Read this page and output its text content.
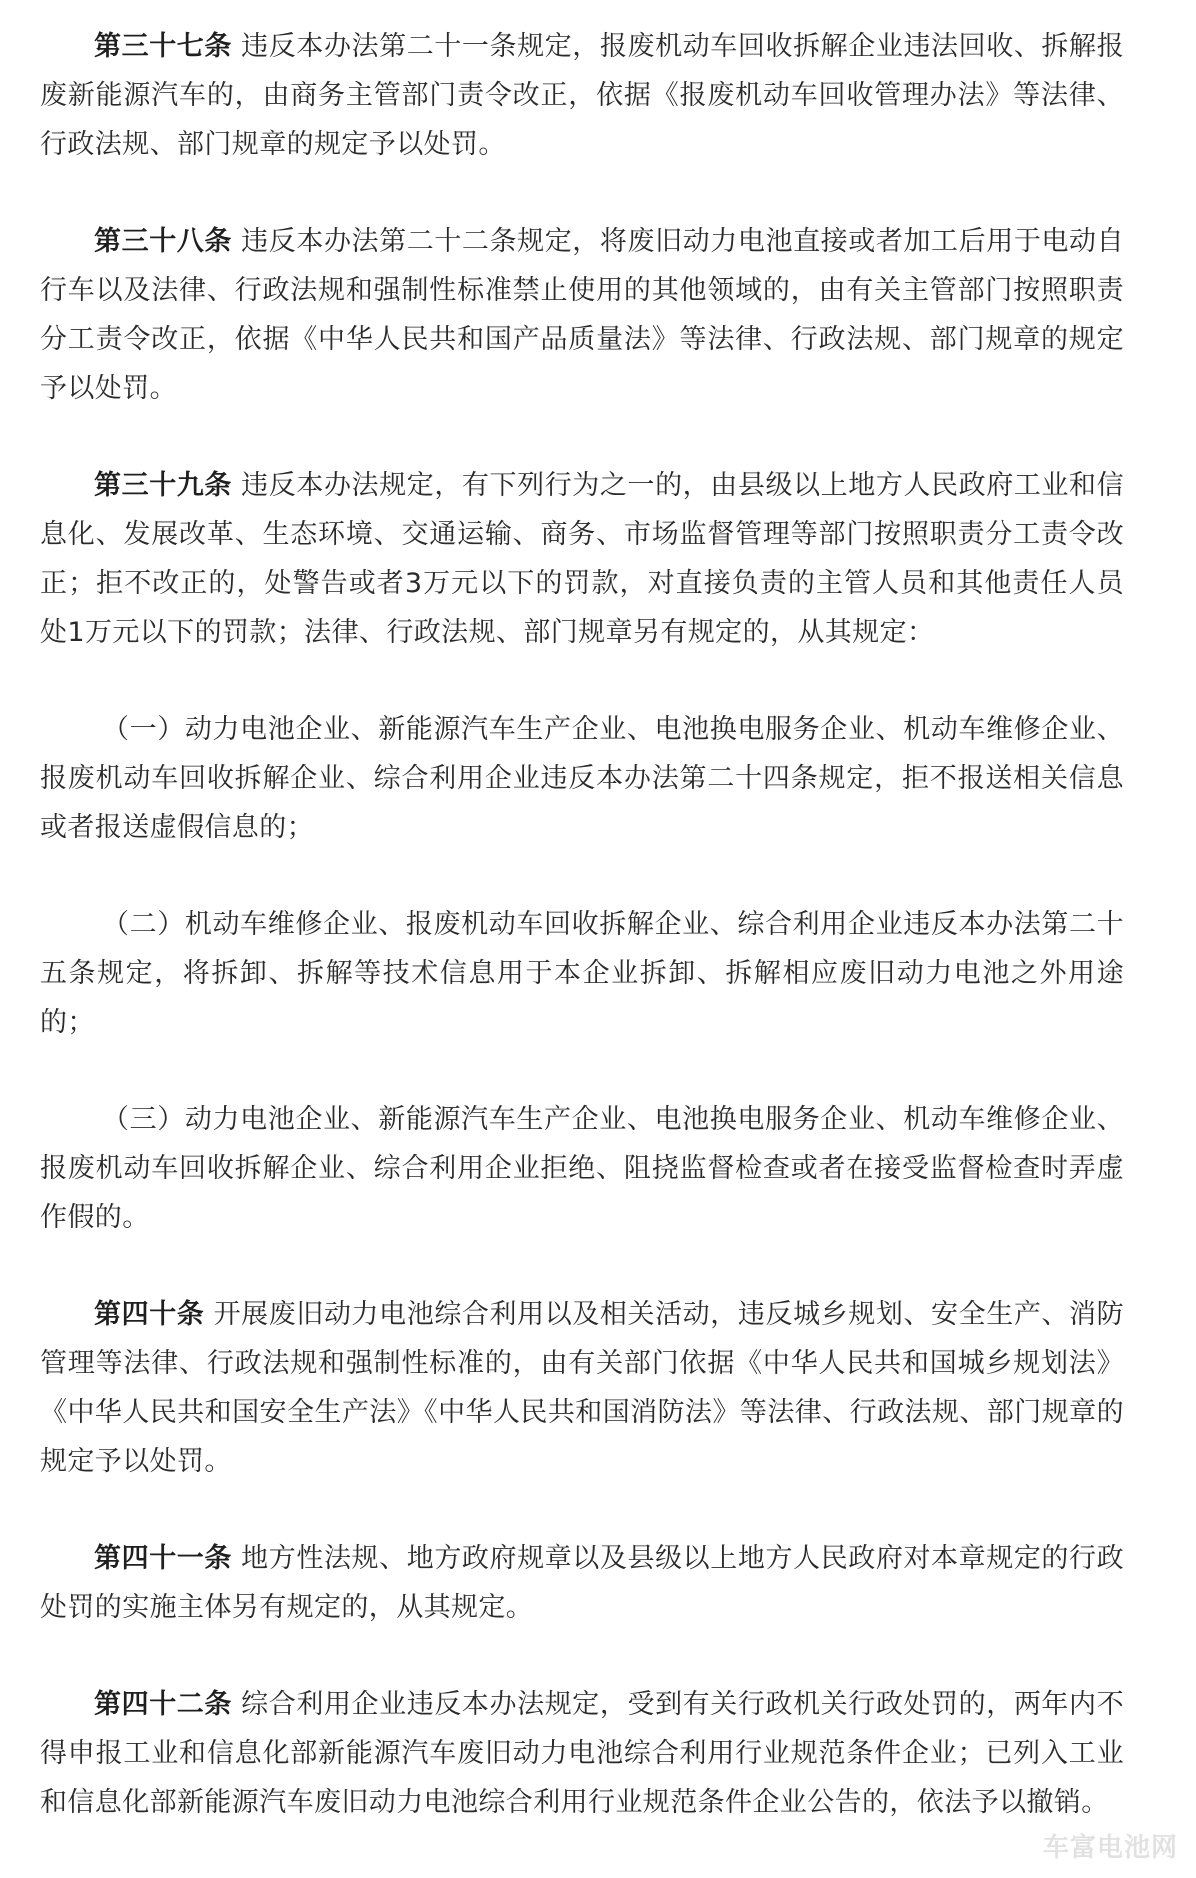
第三十七条 违反本办法第二十一条规定，报废机动车回收拆解企业违法回收、拆解报废新能源汽车的，由商务主管部门责令改正，依据《报废机动车回收管理办法》等法律、行政法规、部门规章的规定予以处罚。

第三十八条 违反本办法第二十二条规定，将废旧动力电池直接或者加工后用于电动自行车以及法律、行政法规和强制性标准禁止使用的其他领域的，由有关主管部门按照职责分工责令改正，依据《中华人民共和国产品质量法》等法律、行政法规、部门规章的规定予以处罚。

第三十九条 违反本办法规定，有下列行为之一的，由县级以上地方人民政府工业和信息化、发展改革、生态环境、交通运输、商务、市场监督管理等部门按照职责分工责令改正；拒不改正的，处警告或者3万元以下的罚款，对直接负责的主管人员和其他责任人员处1万元以下的罚款；法律、行政法规、部门规章另有规定的，从其规定：

（一）动力电池企业、新能源汽车生产企业、电池换电服务企业、机动车维修企业、报废机动车回收拆解企业、综合利用企业违反本办法第二十四条规定，拒不报送相关信息或者报送虚假信息的；

（二）机动车维修企业、报废机动车回收拆解企业、综合利用企业违反本办法第二十五条规定，将拆卸、拆解等技术信息用于本企业拆卸、拆解相应废旧动力电池之外用途的；

（三）动力电池企业、新能源汽车生产企业、电池换电服务企业、机动车维修企业、报废机动车回收拆解企业、综合利用企业拒绝、阻挠监督检查或者在接受监督检查时弄虚作假的。

第四十条 开展废旧动力电池综合利用以及相关活动，违反城乡规划、安全生产、消防管理等法律、行政法规和强制性标准的，由有关部门依据《中华人民共和国城乡规划法》《中华人民共和国安全生产法》《中华人民共和国消防法》等法律、行政法规、部门规章的规定予以处罚。

第四十一条 地方性法规、地方政府规章以及县级以上地方人民政府对本章规定的行政处罚的实施主体另有规定的，从其规定。

第四十二条 综合利用企业违反本办法规定，受到有关行政机关行政处罚的，两年内不得申报工业和信息化部新能源汽车废旧动力电池综合利用行业规范条件企业；已列入工业和信息化部新能源汽车废旧动力电池综合利用行业规范条件企业公告的，依法予以撤销。

车富电池网
